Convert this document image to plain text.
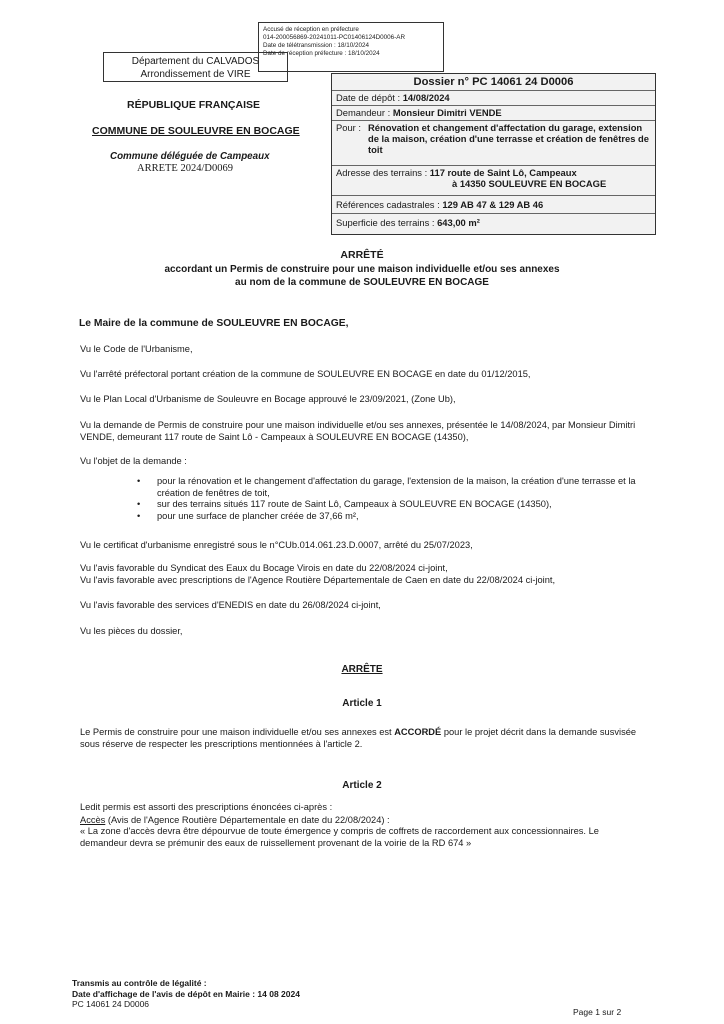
Accusé de réception en préfecture
014-200056869-20241011-PC01406124D0006-AR
Date de télétransmission : 18/10/2024
Date de réception préfecture : 18/10/2024
Département du CALVADOS
Arrondissement de VIRE
RÉPUBLIQUE FRANÇAISE
COMMUNE DE SOULEUVRE EN BOCAGE
Commune déléguée de Campeaux
ARRETE 2024/D0069
Dossier n° PC 14061 24 D0006
Date de dépôt : 14/08/2024
Demandeur : Monsieur Dimitri VENDE
Pour : Rénovation et changement d'affectation du garage, extension de la maison, création d'une terrasse et création de fenêtres de toit
Adresse des terrains : 117 route de Saint Lô, Campeaux
à 14350 SOULEUVRE EN BOCAGE
Références cadastrales : 129 AB 47 & 129 AB 46
Superficie des terrains : 643,00 m²
ARRÊTÉ
accordant un Permis de construire pour une maison individuelle et/ou ses annexes
au nom de la commune de SOULEUVRE EN BOCAGE
Le Maire de la commune de SOULEUVRE EN BOCAGE,
Vu le Code de l'Urbanisme,
Vu l'arrêté préfectoral portant création de la commune de SOULEUVRE EN BOCAGE en date du 01/12/2015,
Vu le Plan Local d'Urbanisme de Souleuvre en Bocage approuvé le 23/09/2021, (Zone Ub),
Vu la demande de Permis de construire pour une maison individuelle et/ou ses annexes, présentée le 14/08/2024, par Monsieur Dimitri VENDE, demeurant 117 route de Saint Lô - Campeaux à SOULEUVRE EN BOCAGE (14350),
Vu l'objet de la demande :
• pour la rénovation et le changement d'affectation du garage, l'extension de la maison, la création d'une terrasse et la création de fenêtres de toit,
• sur des terrains situés 117 route de Saint Lô, Campeaux à SOULEUVRE EN BOCAGE (14350),
• pour une surface de plancher créée de 37,66 m²,
Vu le certificat d'urbanisme enregistré sous le n°CUb.014.061.23.D.0007, arrêté du 25/07/2023,
Vu l'avis favorable du Syndicat des Eaux du Bocage Virois en date du 22/08/2024 ci-joint,
Vu l'avis favorable avec prescriptions de l'Agence Routière Départementale de Caen en date du 22/08/2024 ci-joint,
Vu l'avis favorable des services d'ENEDIS en date du 26/08/2024 ci-joint,
Vu les pièces du dossier,
ARRÊTE
Article 1
Le Permis de construire pour une maison individuelle et/ou ses annexes est ACCORDÉ pour le projet décrit dans la demande susvisée sous réserve de respecter les prescriptions mentionnées à l'article 2.
Article 2
Ledit permis est assorti des prescriptions énoncées ci-après :
Accès (Avis de l'Agence Routière Départementale en date du 22/08/2024) :
« La zone d'accès devra être dépourvue de toute émergence y compris de coffrets de raccordement aux concessionnaires. Le demandeur devra se prémunir des eaux de ruissellement provenant de la voirie de la RD 674 »
Transmis au contrôle de légalité :
Date d'affichage de l'avis de dépôt en Mairie : 14 08 2024
PC 14061 24 D0006
Page 1 sur 2
